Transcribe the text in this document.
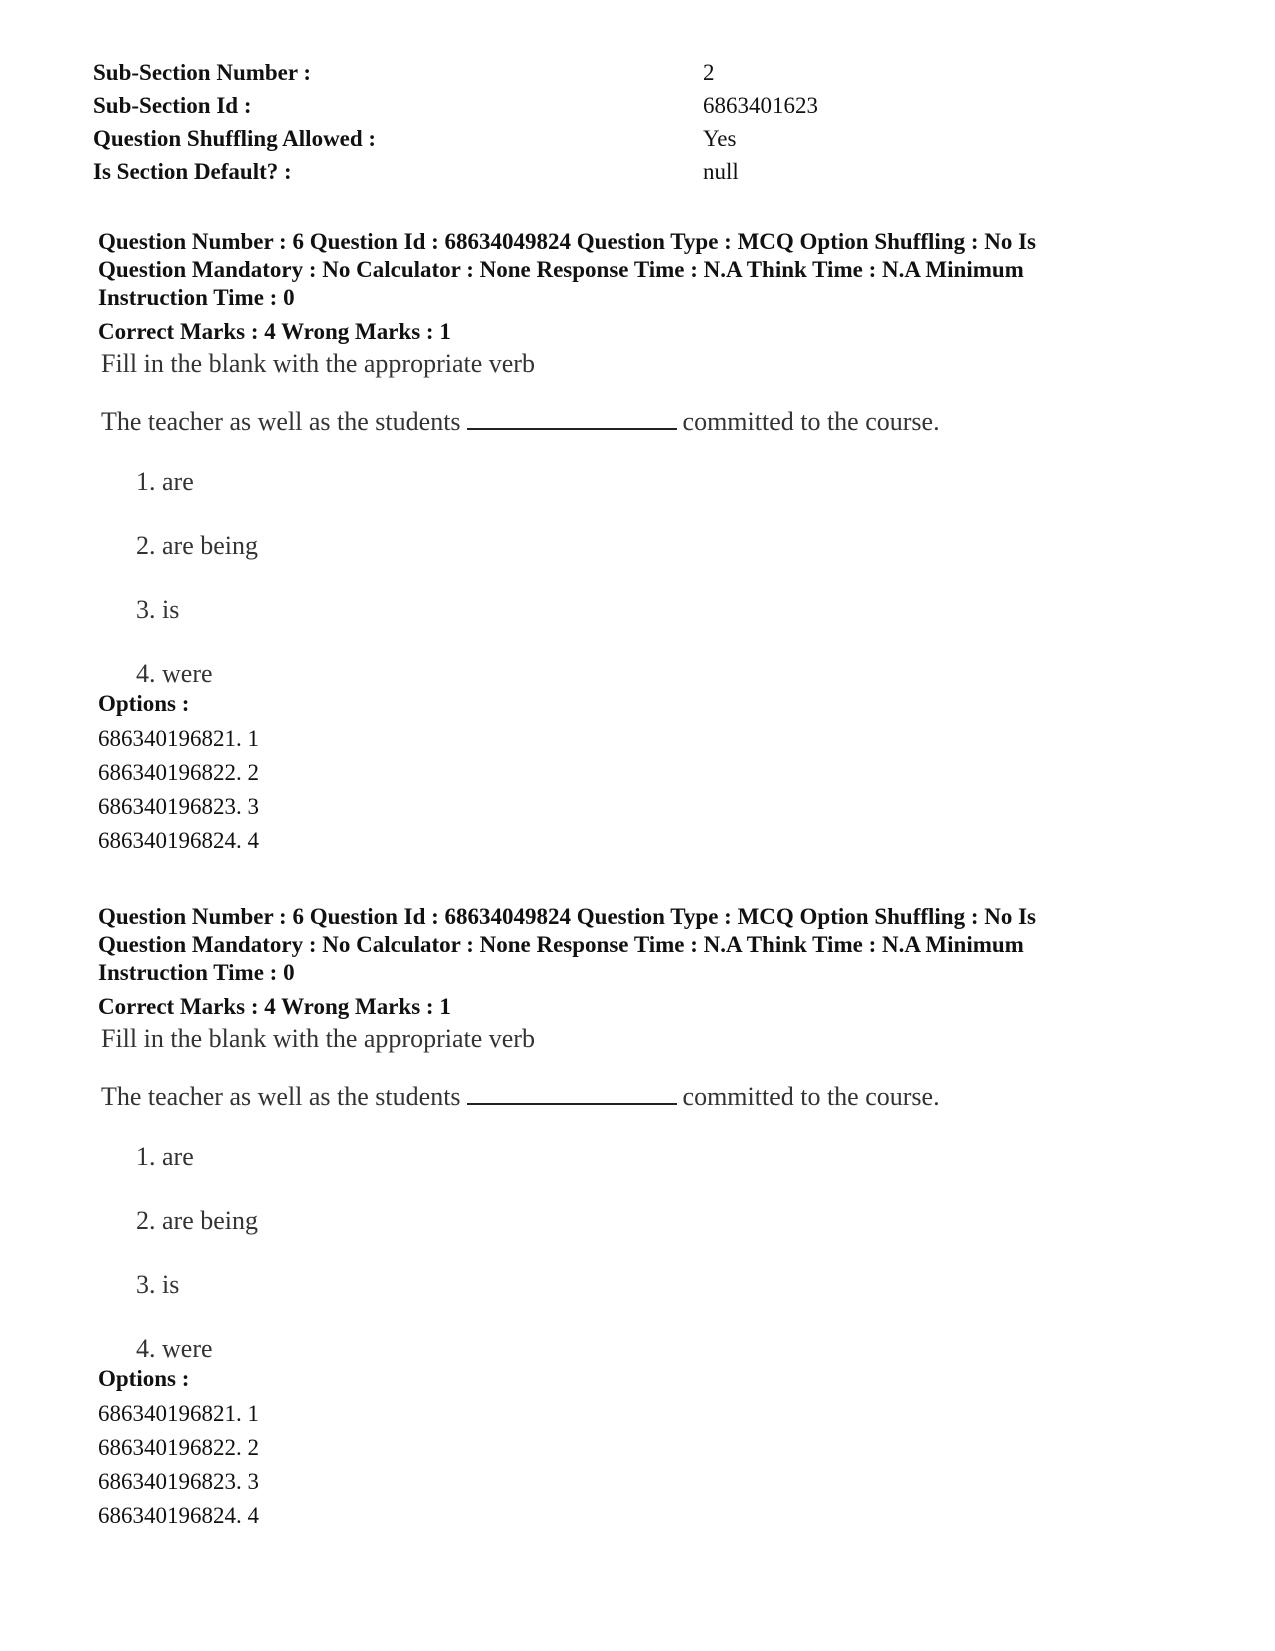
Sub-Section Number :	2
Sub-Section Id :	6863401623
Question Shuffling Allowed :	Yes
Is Section Default? :	null
Question Number : 6 Question Id : 68634049824 Question Type : MCQ Option Shuffling : No Is
Question Mandatory : No Calculator : None Response Time : N.A Think Time : N.A Minimum
Instruction Time : 0
Correct Marks : 4 Wrong Marks : 1
Fill in the blank with the appropriate verb
The teacher as well as the students	committed to the course.
1. are
2. are being
3. is
4. were
Options :
686340196821. 1
686340196822. 2
686340196823. 3
686340196824. 4
Question Number : 6 Question Id : 68634049824 Question Type : MCQ Option Shuffling : No Is
Question Mandatory : No Calculator : None Response Time : N.A Think Time : N.A Minimum
Instruction Time : 0
Correct Marks : 4 Wrong Marks : 1
Fill in the blank with the appropriate verb
The teacher as well as the students	committed to the course.
1. are
2. are being
3. is
4. were
Options :
686340196821. 1
686340196822. 2
686340196823. 3
686340196824. 4
